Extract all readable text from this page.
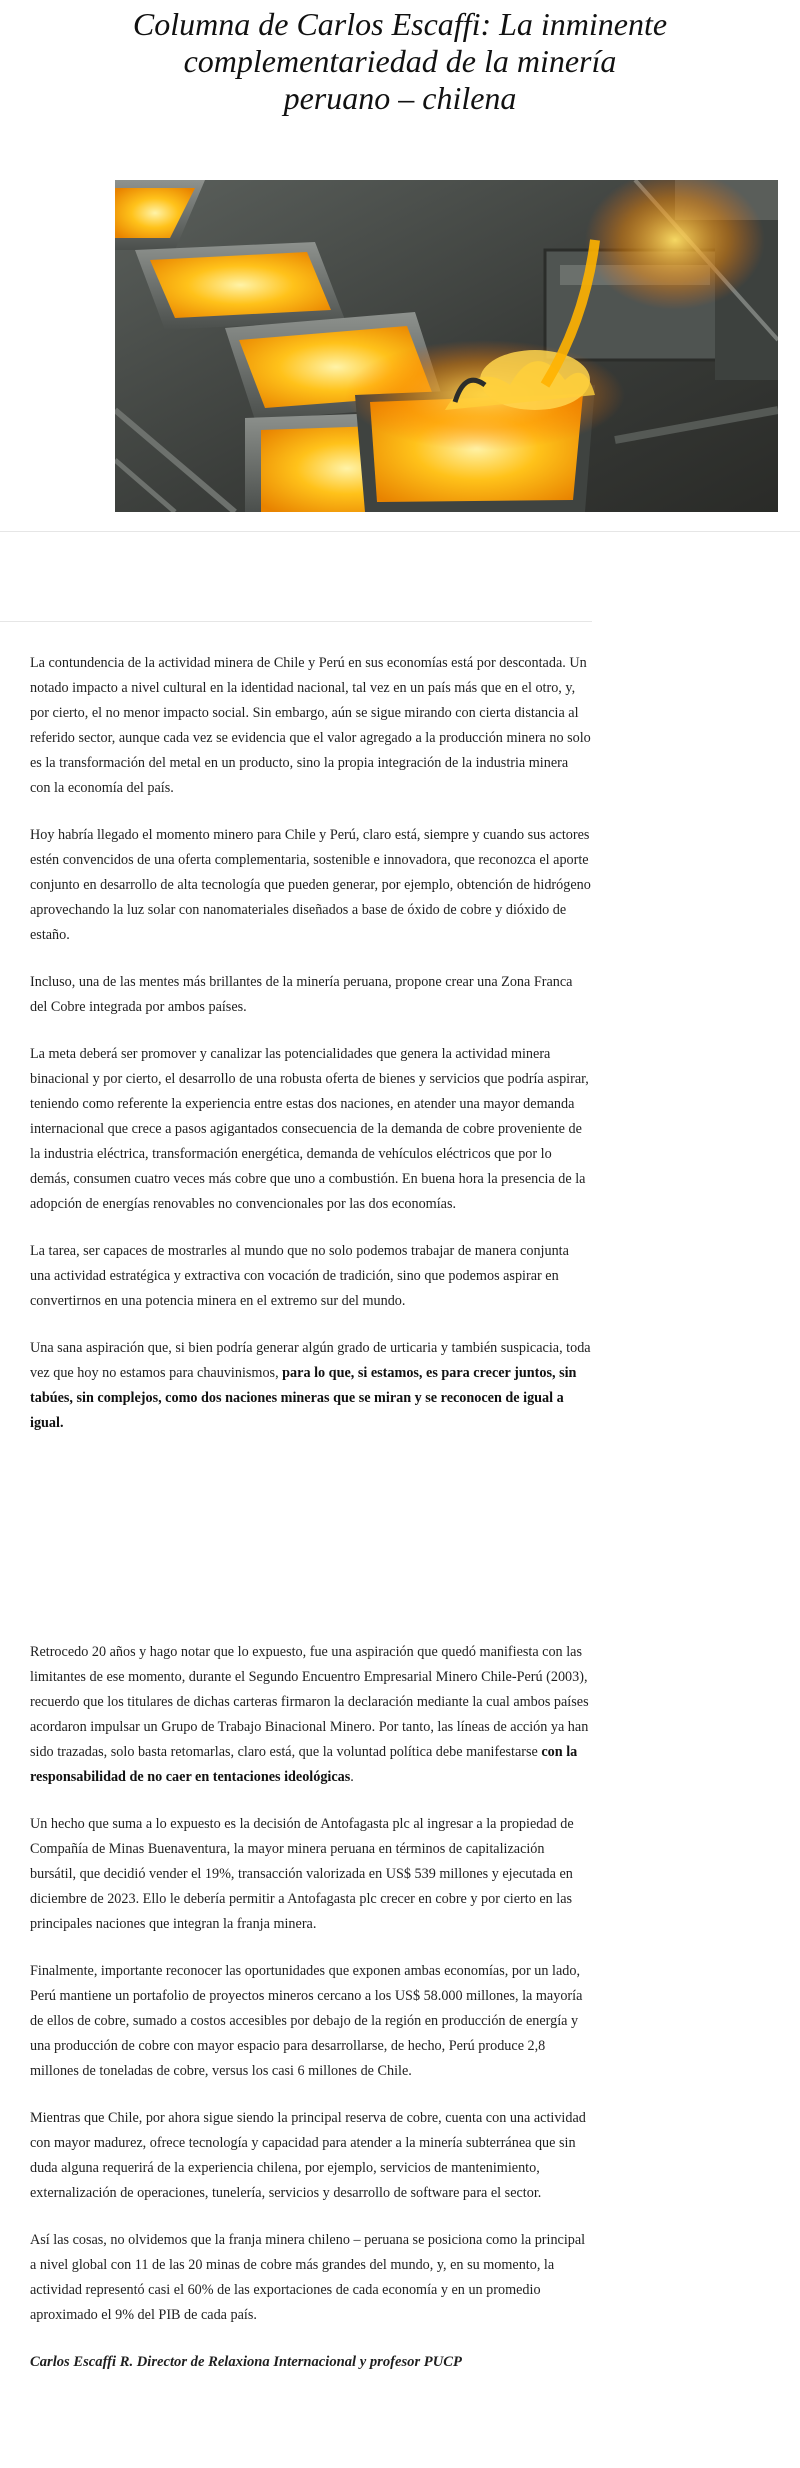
Columna de Carlos Escaffi: La inminente complementariedad de la minería peruano – chilena

La contundencia de la actividad minera de Chile y Perú en sus economías está por descontada. Un notado impacto a nivel cultural en la identidad nacional, tal vez en un país más que en el otro, y, por cierto, el no menor impacto social. Sin embargo, aún se sigue mirando con cierta distancia al referido sector, aunque cada vez se evidencia que el valor agregado a la producción minera no solo es la transformación del metal en un producto, sino la propia integración de la industria minera con la economía del país.

Hoy habría llegado el momento minero para Chile y Perú, claro está, siempre y cuando sus actores estén convencidos de una oferta complementaria, sostenible e innovadora, que reconozca el aporte conjunto en desarrollo de alta tecnología que pueden generar, por ejemplo, obtención de hidrógeno aprovechando la luz solar con nanomateriales diseñados a base de óxido de cobre y dióxido de estaño.

Incluso, una de las mentes más brillantes de la minería peruana, propone crear una Zona Franca del Cobre integrada por ambos países.

La meta deberá ser promover y canalizar las potencialidades que genera la actividad minera binacional y por cierto, el desarrollo de una robusta oferta de bienes y servicios que podría aspirar, teniendo como referente la experiencia entre estas dos naciones, en atender una mayor demanda internacional que crece a pasos agigantados consecuencia de la demanda de cobre proveniente de la industria eléctrica, transformación energética, demanda de vehículos eléctricos que por lo demás, consumen cuatro veces más cobre que uno a combustión. En buena hora la presencia de la adopción de energías renovables no convencionales por las dos economías.

La tarea, ser capaces de mostrarles al mundo que no solo podemos trabajar de manera conjunta una actividad estratégica y extractiva con vocación de tradición, sino que podemos aspirar en convertirnos en una potencia minera en el extremo sur del mundo.

Una sana aspiración que, si bien podría generar algún grado de urticaria y también suspicacia, toda vez que hoy no estamos para chauvinismos, para lo que, si estamos, es para crecer juntos, sin tabúes, sin complejos, como dos naciones mineras que se miran y se reconocen de igual a igual.

Retrocedo 20 años y hago notar que lo expuesto, fue una aspiración que quedó manifiesta con las limitantes de ese momento, durante el Segundo Encuentro Empresarial Minero Chile-Perú (2003), recuerdo que los titulares de dichas carteras firmaron la declaración mediante la cual ambos países acordaron impulsar un Grupo de Trabajo Binacional Minero. Por tanto, las líneas de acción ya han sido trazadas, solo basta retomarlas, claro está, que la voluntad política debe manifestarse con la responsabilidad de no caer en tentaciones ideológicas.

Un hecho que suma a lo expuesto es la decisión de Antofagasta plc al ingresar a la propiedad de Compañía de Minas Buenaventura, la mayor minera peruana en términos de capitalización bursátil, que decidió vender el 19%, transacción valorizada en US$ 539 millones y ejecutada en diciembre de 2023. Ello le debería permitir a Antofagasta plc crecer en cobre y por cierto en las principales naciones que integran la franja minera.

Finalmente, importante reconocer las oportunidades que exponen ambas economías, por un lado, Perú mantiene un portafolio de proyectos mineros cercano a los US$ 58.000 millones, la mayoría de ellos de cobre, sumado a costos accesibles por debajo de la región en producción de energía y una producción de cobre con mayor espacio para desarrollarse, de hecho, Perú produce 2,8 millones de toneladas de cobre, versus los casi 6 millones de Chile.

Mientras que Chile, por ahora sigue siendo la principal reserva de cobre, cuenta con una actividad con mayor madurez, ofrece tecnología y capacidad para atender a la minería subterránea que sin duda alguna requerirá de la experiencia chilena, por ejemplo, servicios de mantenimiento, externalización de operaciones, tunelería, servicios y desarrollo de software para el sector.

Así las cosas, no olvidemos que la franja minera chileno – peruana se posiciona como la principal a nivel global con 11 de las 20 minas de cobre más grandes del mundo, y, en su momento, la actividad representó casi el 60% de las exportaciones de cada economía y en un promedio aproximado el 9% del PIB de cada país.

Carlos Escaffi R. Director de Relaxiona Internacional y profesor PUCP
